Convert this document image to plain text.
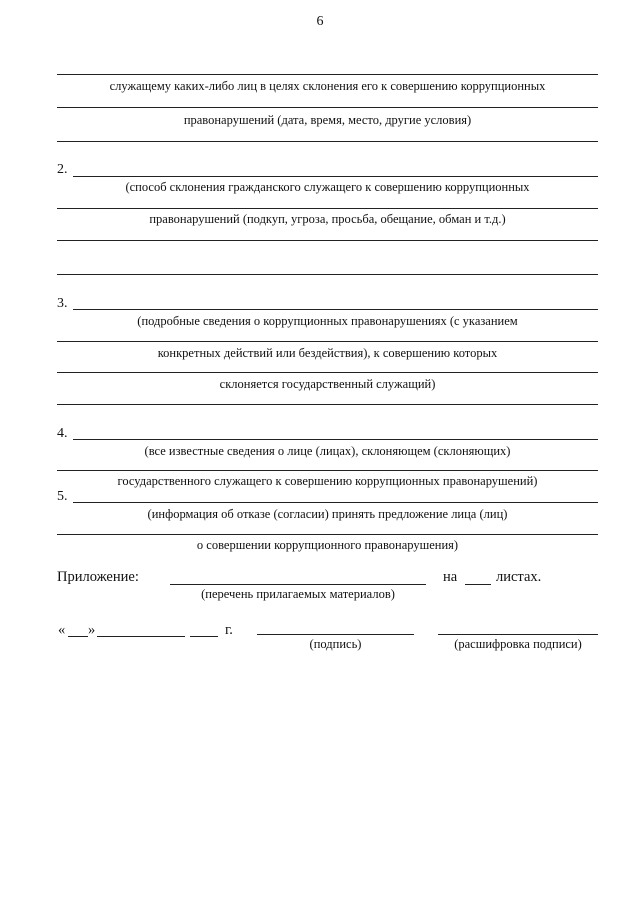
6
служащему каких-либо лиц в целях склонения его к совершению коррупционных
правонарушений (дата, время, место, другие условия)
2.
(способ склонения гражданского служащего к совершению коррупционных
правонарушений (подкуп, угроза, просьба, обещание, обман и т.д.)
3.
(подробные сведения о коррупционных правонарушениях (с указанием
конкретных действий или бездействия), к совершению которых
склоняется государственный служащий)
4.
(все известные сведения о лице (лицах), склоняющем (склоняющих)
государственного служащего к совершению коррупционных правонарушений)
5.
(информация об отказе (согласии) принять предложение лица (лиц)
о совершении коррупционного правонарушения)
Приложение:
(перечень прилагаемых материалов)
на	листах.
« »	г.
(подпись)	(расшифровка подписи)
